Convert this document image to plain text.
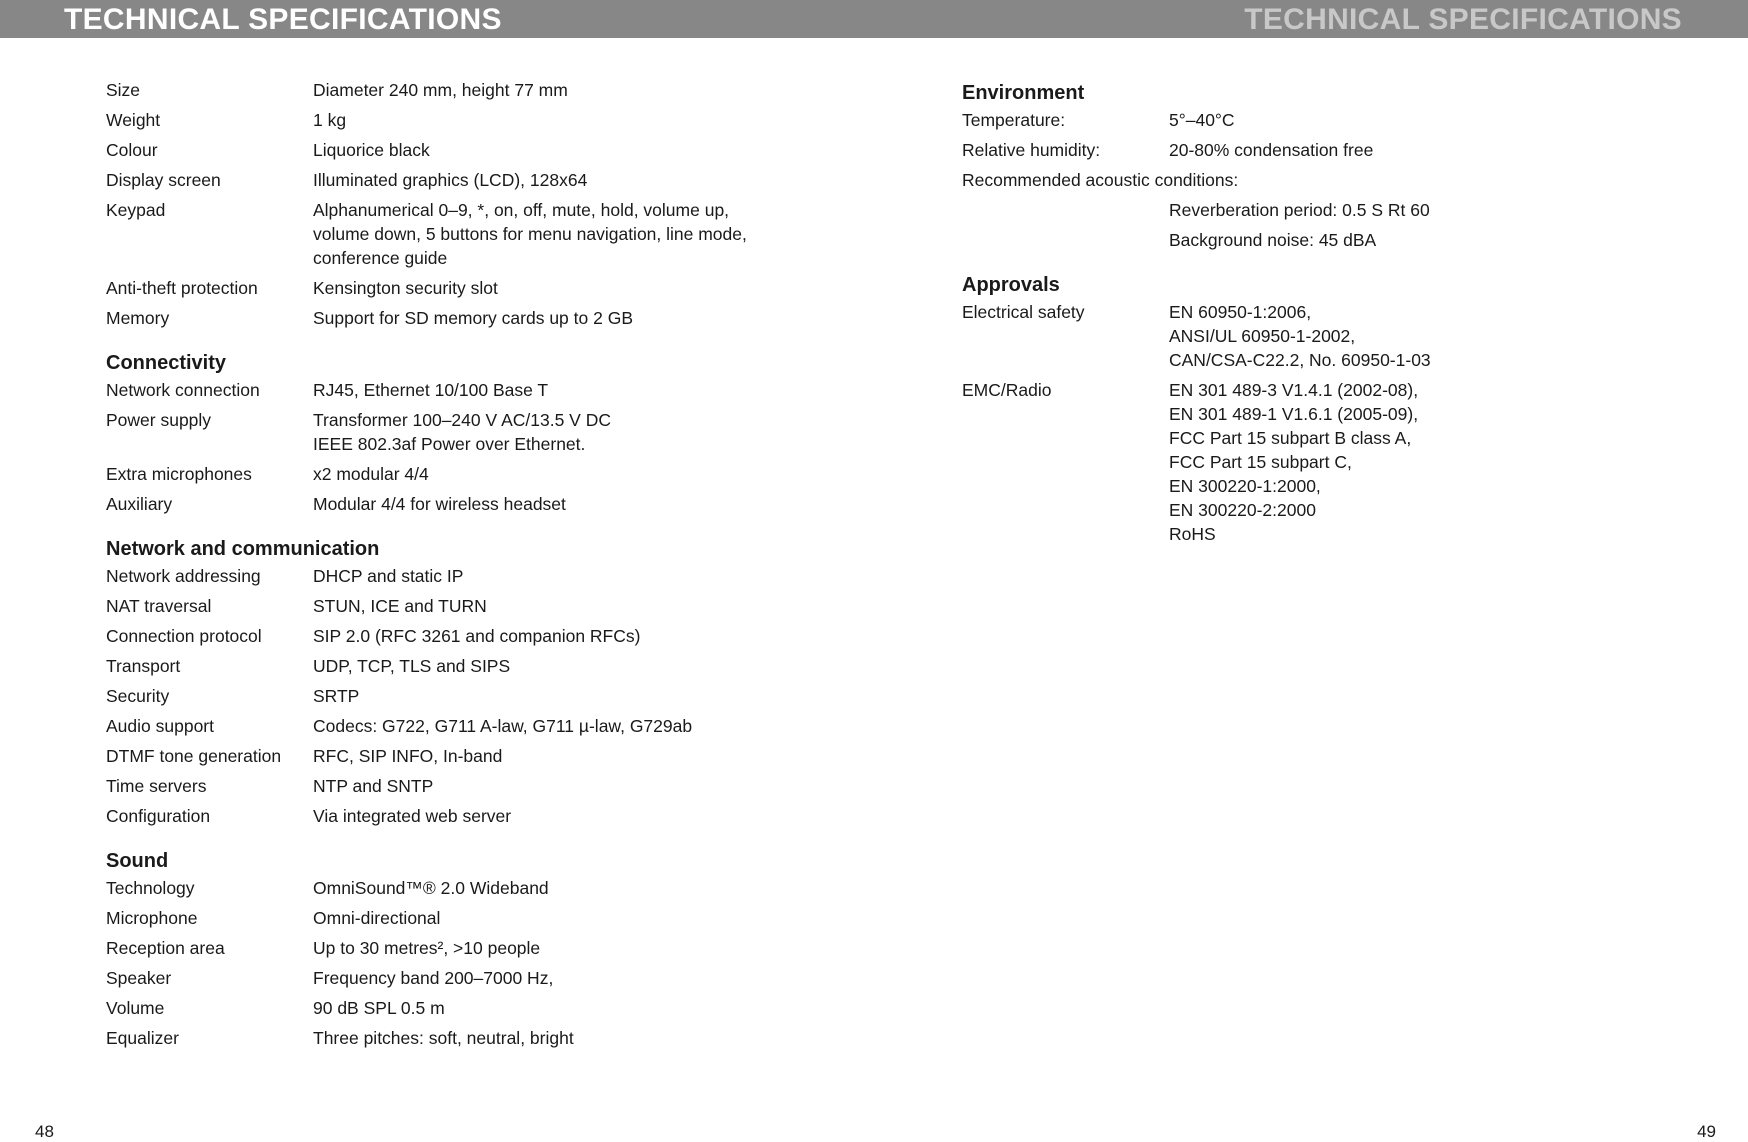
TECHNICAL SPECIFICATIONS	TECHNICAL SPECIFICATIONS
Size	Diameter 240 mm, height 77 mm
Weight	1 kg
Colour	Liquorice black
Display screen	Illuminated graphics (LCD), 128x64
Keypad	Alphanumerical 0–9, *, on, off, mute, hold, volume up,
volume down, 5 buttons for menu navigation, line mode,
conference guide
Anti-theft protection	Kensington security slot
Memory	Support for SD memory cards up to 2 GB
Connectivity
Network connection	RJ45, Ethernet 10/100 Base T
Power supply	Transformer 100–240 V AC/13.5 V DC
IEEE 802.3af Power over Ethernet.
Extra microphones	x2 modular 4/4
Auxiliary	Modular 4/4 for wireless headset
Network and communication
Network addressing	DHCP and static IP
NAT traversal	STUN, ICE and TURN
Connection protocol	SIP 2.0 (RFC 3261 and companion RFCs)
Transport	UDP, TCP, TLS and SIPS
Security	SRTP
Audio support	Codecs: G722, G711 A-law, G711 µ-law, G729ab
DTMF tone generation	RFC, SIP INFO, In-band
Time servers	NTP and SNTP
Configuration	Via integrated web server
Sound
Technology	OmniSound™® 2.0 Wideband
Microphone	Omni-directional
Reception area	Up to 30 metres², >10 people
Speaker	Frequency band 200–7000 Hz,
Volume	90 dB SPL 0.5 m
Equalizer	Three pitches: soft, neutral, bright
Environment
Temperature:	5°–40°C
Relative humidity:	20-80% condensation free
Recommended acoustic conditions:
Reverberation period: 0.5 S Rt 60
Background noise: 45 dBA
Approvals
Electrical safety	EN 60950-1:2006,
ANSI/UL 60950-1-2002,
CAN/CSA-C22.2, No. 60950-1-03
EMC/Radio	EN 301 489-3 V1.4.1 (2002-08),
EN 301 489-1 V1.6.1 (2005-09),
FCC Part 15 subpart B class A,
FCC Part 15 subpart C,
EN 300220-1:2000,
EN 300220-2:2000
RoHS
48	49
